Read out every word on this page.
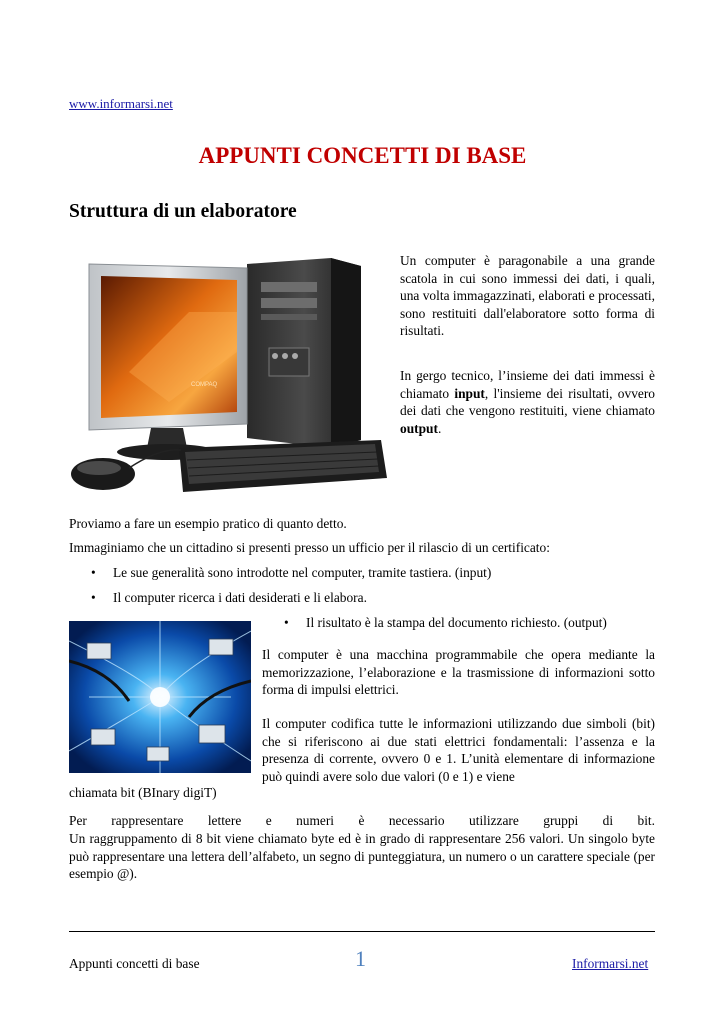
www.informarsi.net
APPUNTI CONCETTI DI BASE
Struttura di un elaboratore
COMPAQ

Un computer è paragonabile a una grande scatola in cui sono immessi dei dati, i quali, una volta immagazzinati, elaborati e processati, sono restituiti dall'elaboratore sotto forma di risultati.

In gergo tecnico, l’insieme dei dati immessi è chiamato input, l'insieme dei risultati, ovvero dei dati che vengono restituiti, viene chiamato output.

Proviamo a fare un esempio pratico di quanto detto.

Immaginiamo che un cittadino si presenti presso un ufficio per il rilascio di un certificato:

• Le sue generalità sono introdotte nel computer, tramite tastiera. (input)
• Il computer ricerca i dati desiderati e li elabora.
• Il risultato è la stampa del documento richiesto. (output)

Il computer è una macchina programmabile che opera mediante la memorizzazione, l’elaborazione e la trasmissione di informazioni sotto forma di impulsi elettrici.

Il computer codifica tutte le informazioni utilizzando due simboli (bit) che si riferiscono ai due stati elettrici fondamentali: l’assenza e la presenza di corrente, ovvero 0 e 1. L’unità elementare di informazione può quindi avere solo due valori (0 e 1) e viene

chiamata bit (BInary digiT)

Per rappresentare lettere e numeri è necessario utilizzare gruppi di bit.

Un raggruppamento di 8 bit viene chiamato byte ed è in grado di rappresentare 256 valori. Un singolo byte può rappresentare una lettera dell’alfabeto, un segno di punteggiatura, un numero o un carattere speciale (per esempio @).

Appunti concetti di base	1	Informarsi.net
